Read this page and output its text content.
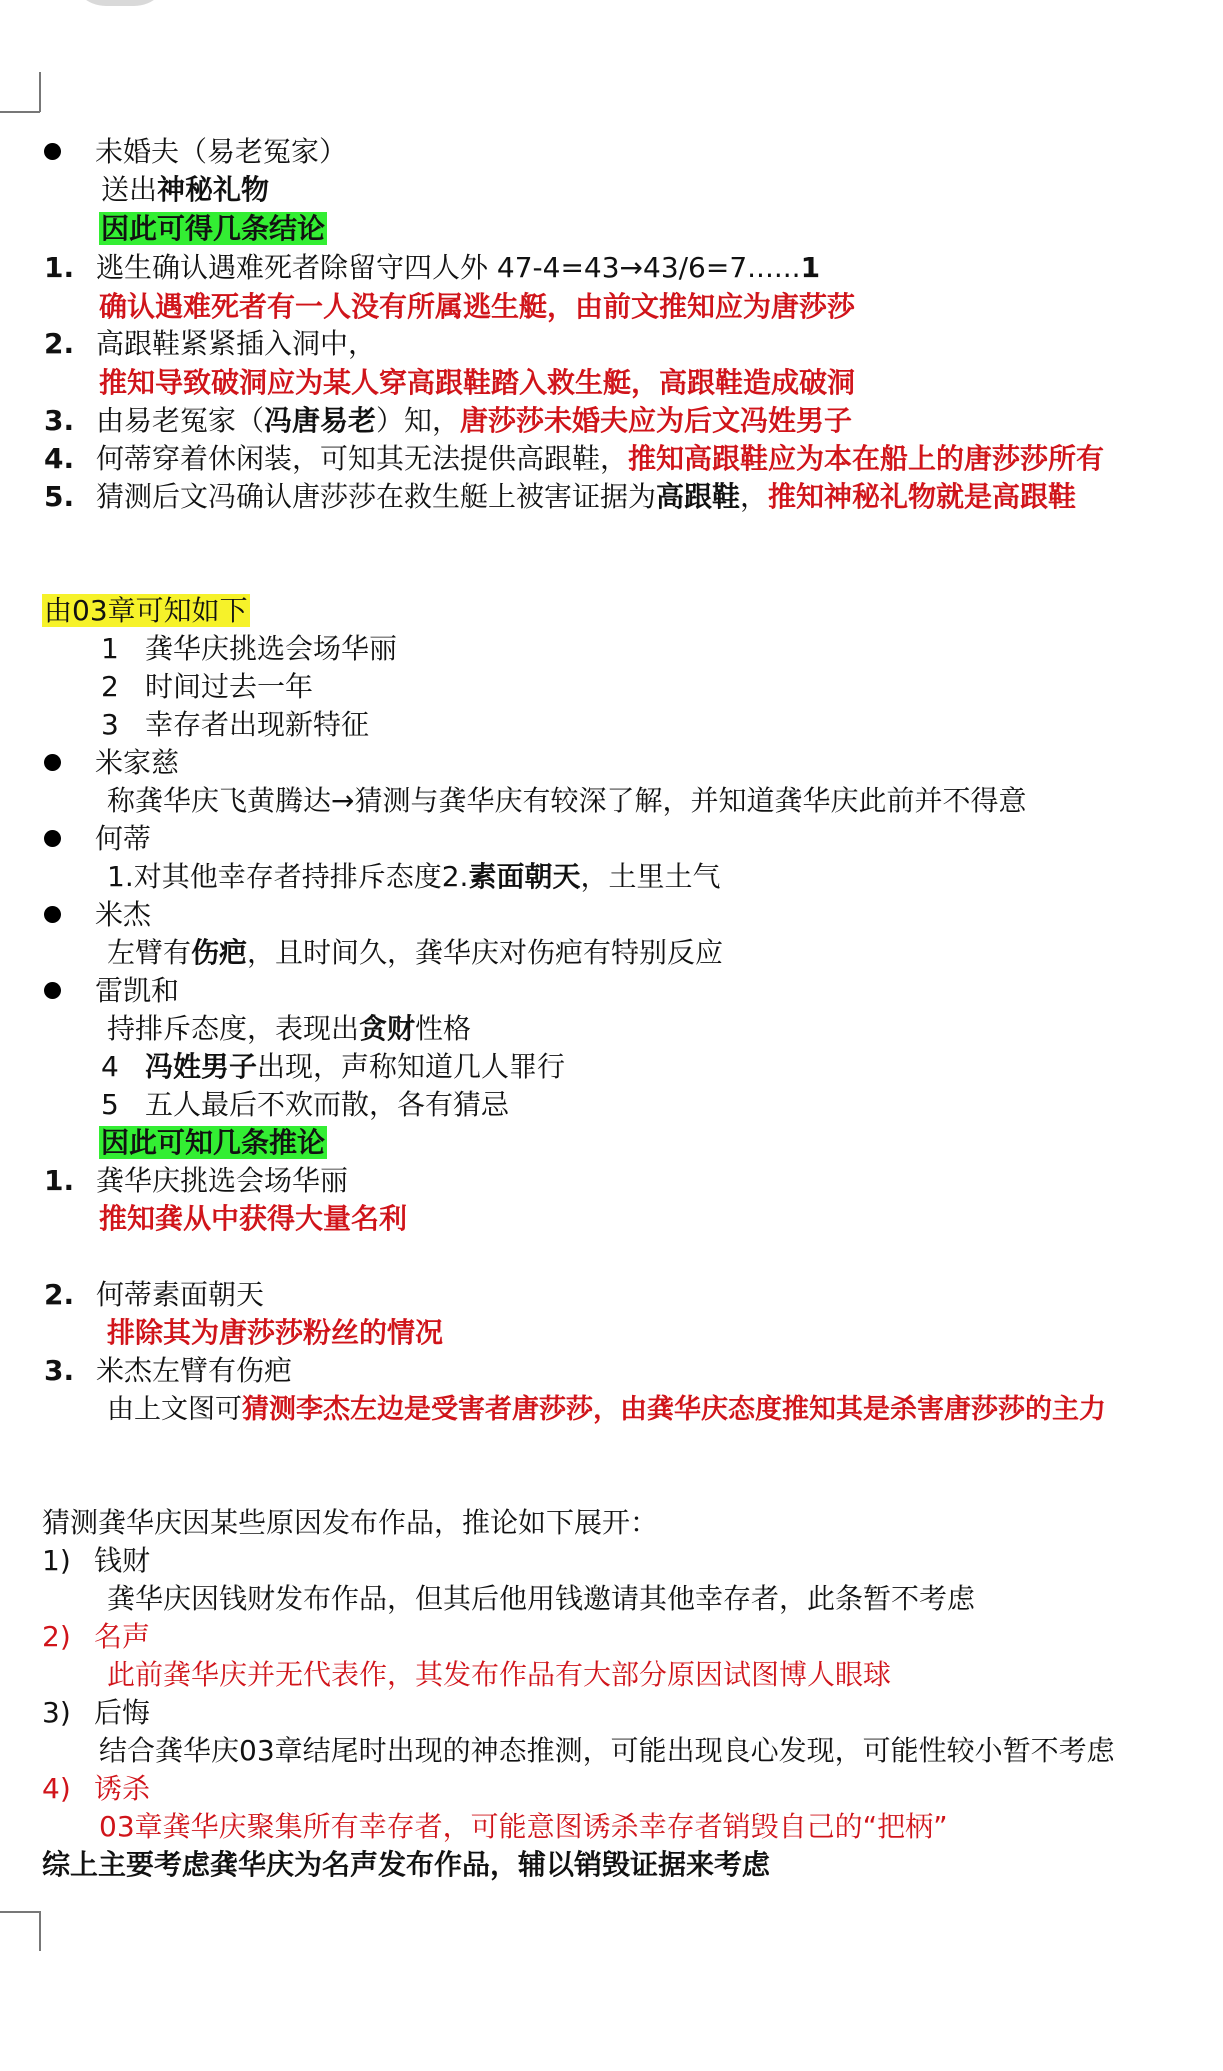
未婚夫（易老冤家）
送出神秘礼物
因此可得几条结论
1. 逃生确认遇难死者除留守四人外 47-4=43→43/6=7......1
确认遇难死者有一人没有所属逃生艇，由前文推知应为唐莎莎
2. 高跟鞋紧紧插入洞中，
推知导致破洞应为某人穿高跟鞋踏入救生艇，高跟鞋造成破洞
3. 由易老冤家（冯唐易老）知，唐莎莎未婚夫应为后文冯姓男子
4. 何蒂穿着休闲装，可知其无法提供高跟鞋，推知高跟鞋应为本在船上的唐莎莎所有
5. 猜测后文冯确认唐莎莎在救生艇上被害证据为高跟鞋，推知神秘礼物就是高跟鞋
由03章可知如下
1 龚华庆挑选会场华丽
2 时间过去一年
3 幸存者出现新特征
米家慈
称龚华庆飞黄腾达→猜测与龚华庆有较深了解，并知道龚华庆此前并不得意
何蒂
1.对其他幸存者持排斥态度2.素面朝天，土里土气
米杰
左臂有伤疤，且时间久，龚华庆对伤疤有特别反应
雷凯和
持排斥态度，表现出贪财性格
4 冯姓男子出现，声称知道几人罪行
5 五人最后不欢而散，各有猜忌
因此可知几条推论
1. 龚华庆挑选会场华丽
推知龚从中获得大量名利
2. 何蒂素面朝天
排除其为唐莎莎粉丝的情况
3. 米杰左臂有伤疤
由上文图可猜测李杰左边是受害者唐莎莎，由龚华庆态度推知其是杀害唐莎莎的主力
猜测龚华庆因某些原因发布作品，推论如下展开：
1) 钱财
龚华庆因钱财发布作品，但其后他用钱邀请其他幸存者，此条暂不考虑
2) 名声
此前龚华庆并无代表作，其发布作品有大部分原因试图博人眼球
3) 后悔
结合龚华庆03章结尾时出现的神态推测，可能出现良心发现，可能性较小暂不考虑
4) 诱杀
03章龚华庆聚集所有幸存者，可能意图诱杀幸存者销毁自己的“把柄”
综上主要考虑龚华庆为名声发布作品，辅以销毁证据来考虑
